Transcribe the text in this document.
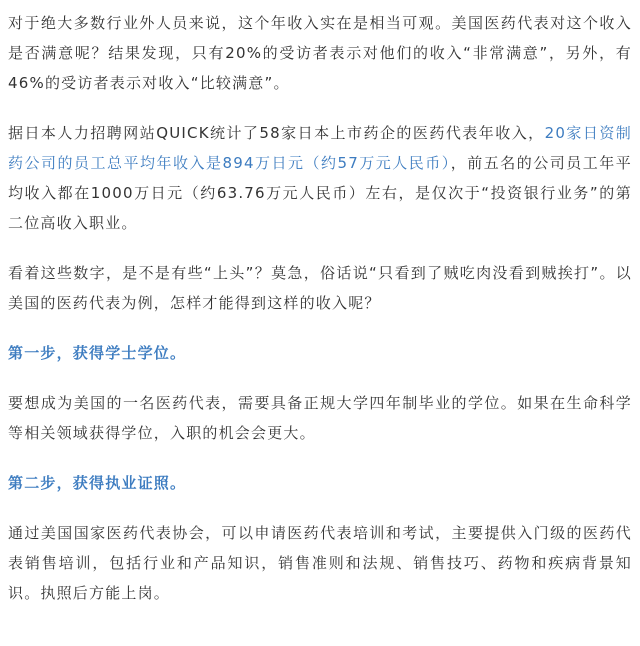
对于绝大多数行业外人员来说，这个年收入实在是相当可观。美国医药代表对这个收入是否满意呢？结果发现，只有20%的受访者表示对他们的收入“非常满意”，另外，有46%的受访者表示对收入“比较满意”。

据日本人力招聘网站QUICK统计了58家日本上市药企的医药代表年收入，20家日资制药公司的员工总平均年收入是894万日元（约57万元人民币），前五名的公司员工年平均收入都在1000万日元（约63.76万元人民币）左右，是仅次于“投资银行业务”的第二位高收入职业。

看着这些数字，是不是有些“上头”？莫急，俗话说“只看到了贼吃肉没看到贼挨打”。以美国的医药代表为例，怎样才能得到这样的收入呢？

第一步，获得学士学位。

要想成为美国的一名医药代表，需要具备正规大学四年制毕业的学位。如果在生命科学等相关领域获得学位，入职的机会会更大。

第二步，获得执业证照。

通过美国国家医药代表协会，可以申请医药代表培训和考试，主要提供入门级的医药代表销售培训，包括行业和产品知识，销售准则和法规、销售技巧、药物和疾病背景知识。执照后方能上岗。
